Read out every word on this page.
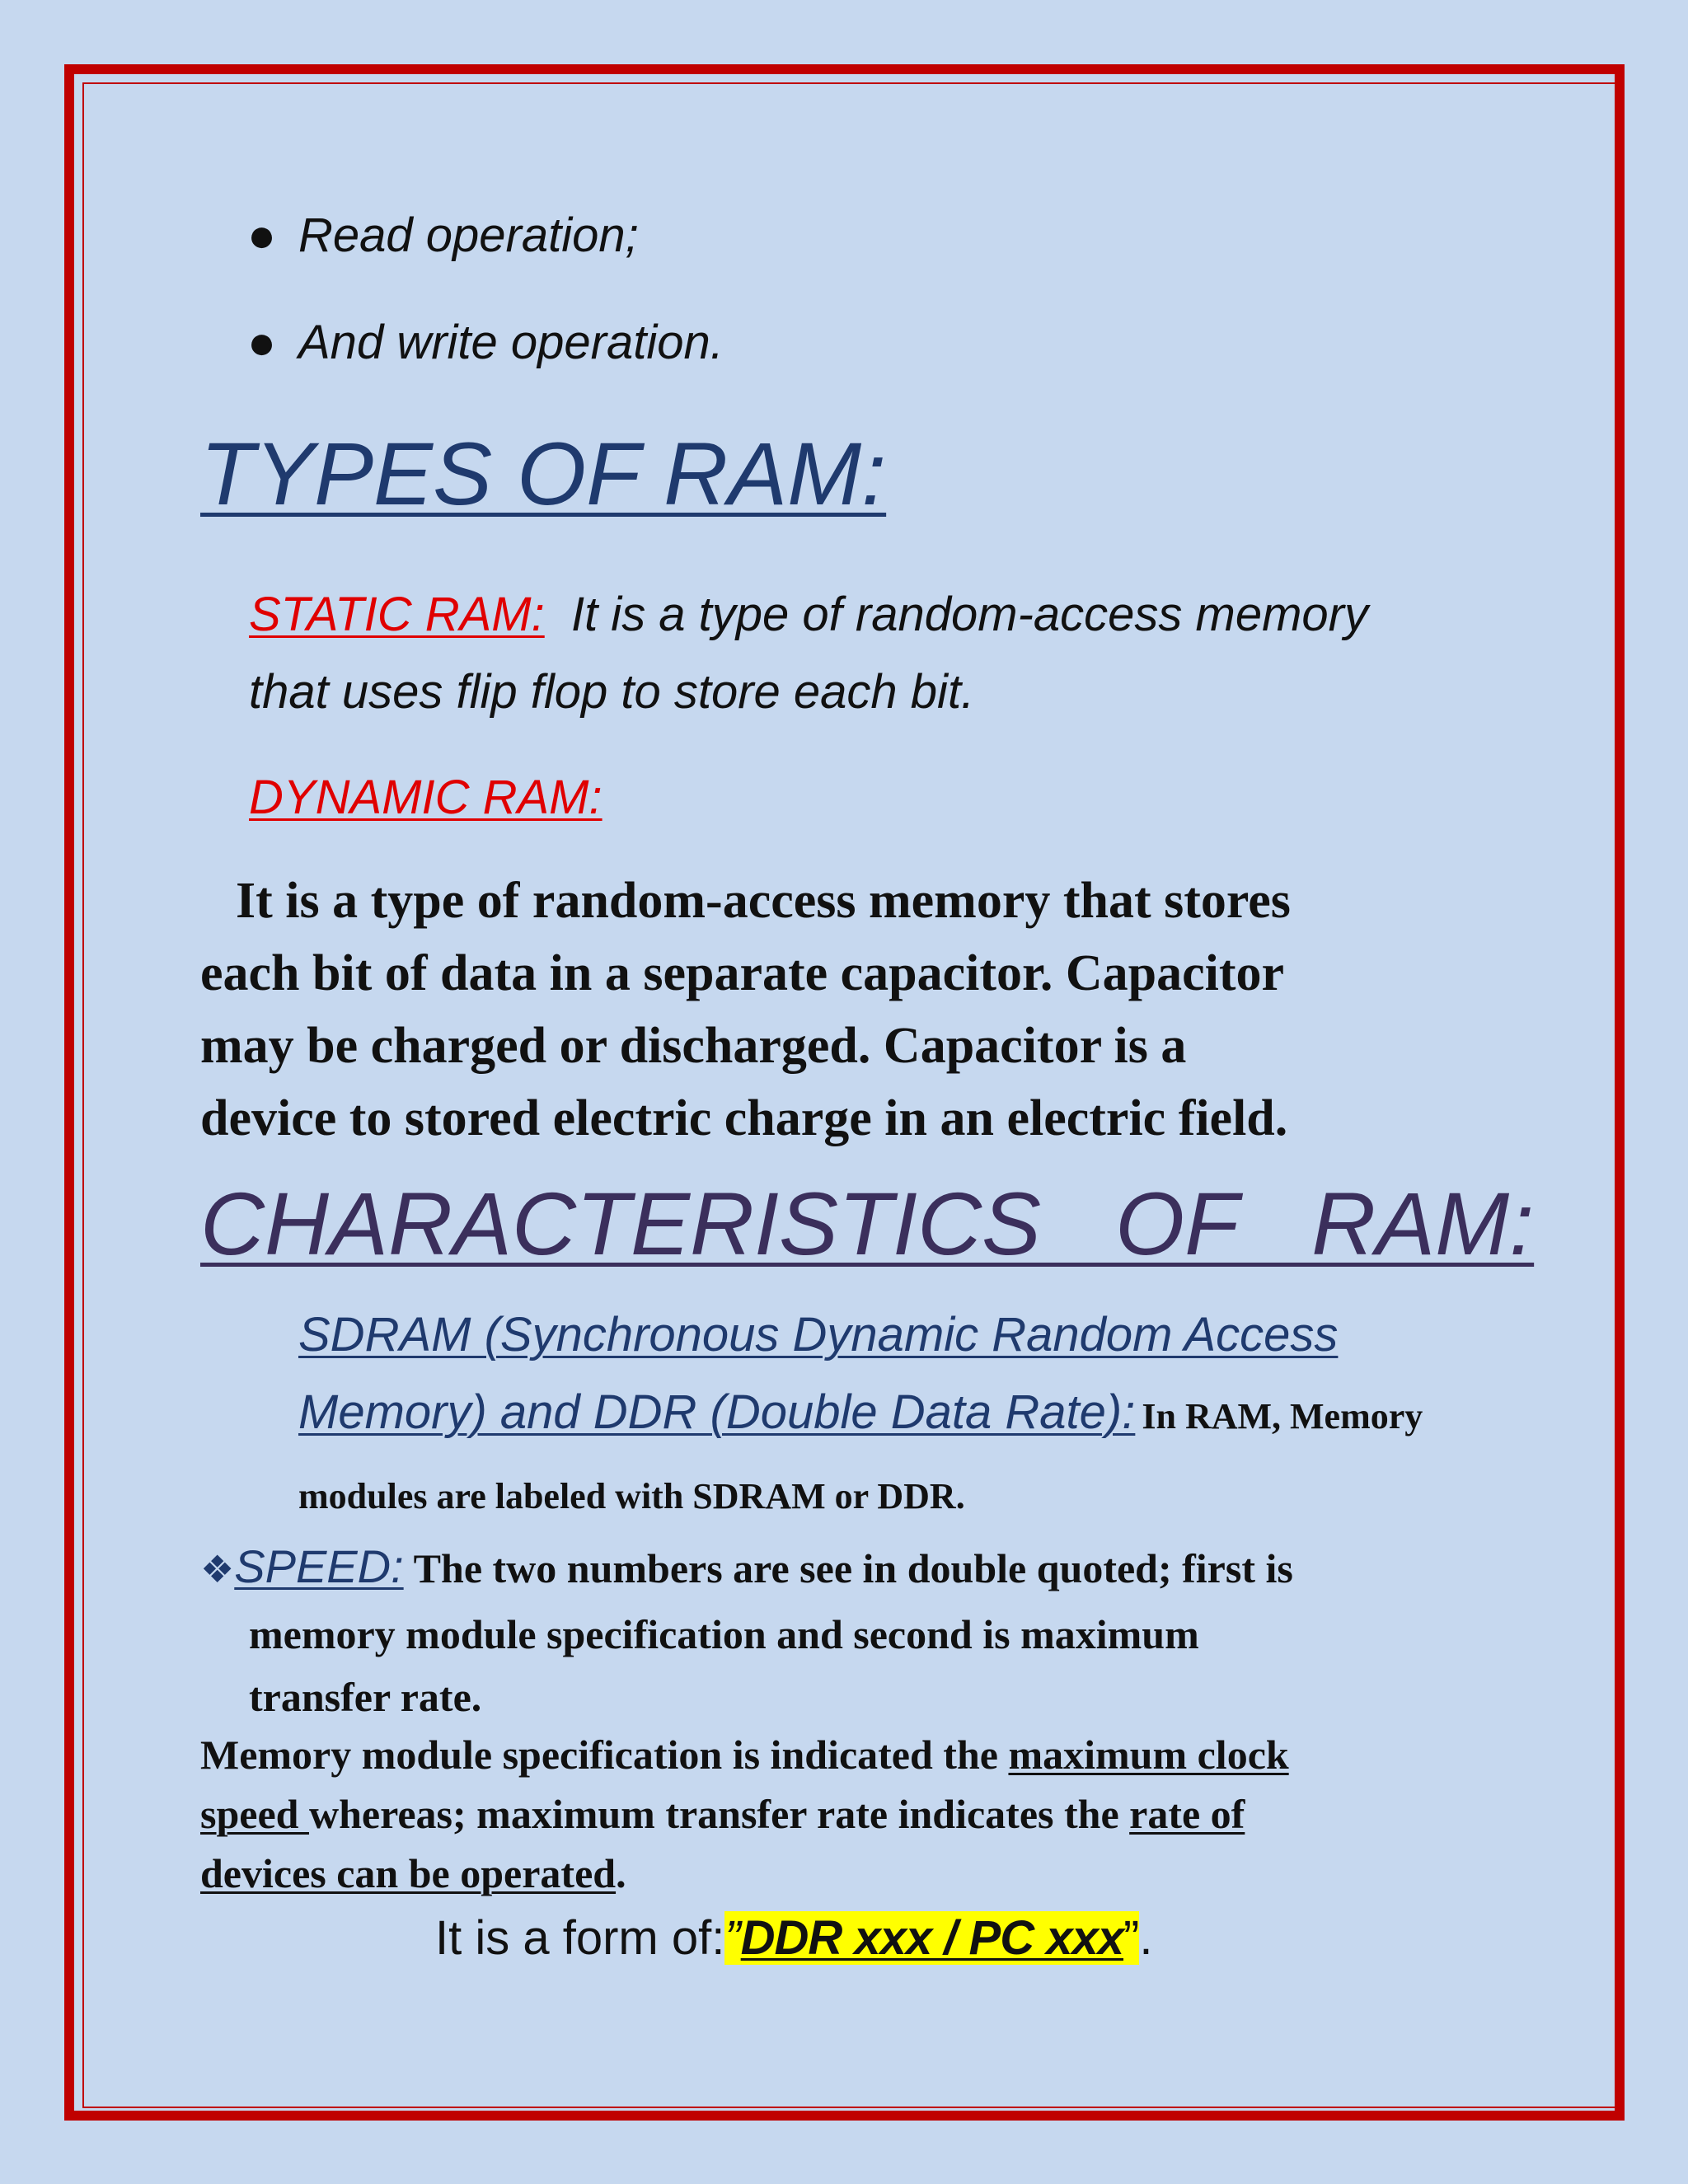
● Read operation;
● And write operation.
TYPES OF RAM:
STATIC RAM: It is a type of random-access memory
that uses flip flop to store each bit.
DYNAMIC RAM:
It is a type of random-access memory that stores
each bit of data in a separate capacitor. Capacitor
may be charged or discharged. Capacitor is a
device to stored electric charge in an electric field.
CHARACTERISTICS   OF   RAM:
SDRAM (Synchronous Dynamic Random Access
Memory) and DDR (Double Data Rate): In RAM, Memory
modules are labeled with SDRAM or DDR.
❖SPEED: The two numbers are see in double quoted; first is
memory module specification and second is maximum
transfer rate.
Memory module specification is indicated the maximum clock
speed whereas; maximum transfer rate indicates the rate of
devices can be operated.
It is a form of:”DDR xxx / PC xxx”.
